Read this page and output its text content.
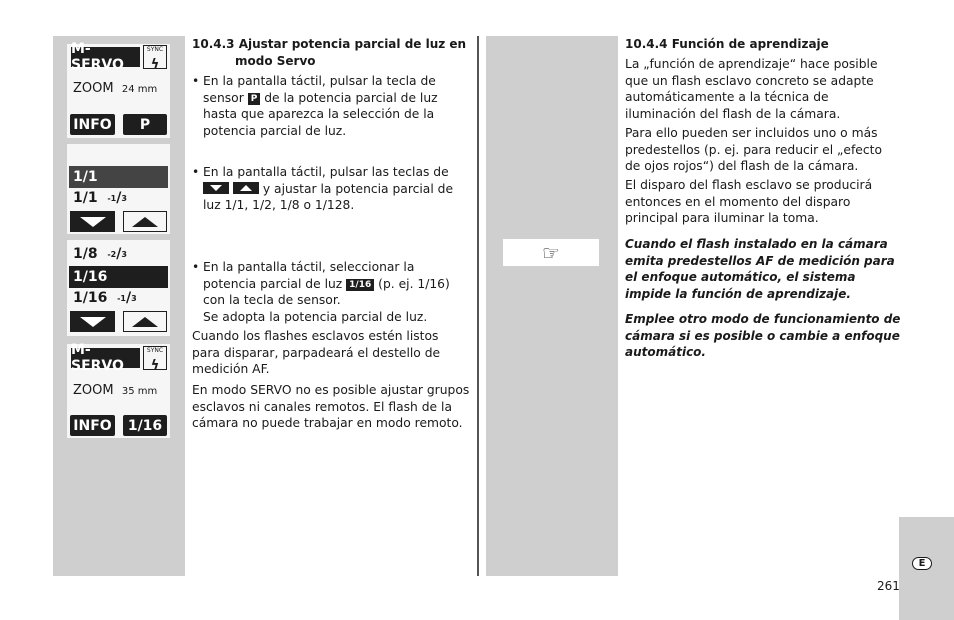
M-SERVO
SYNC
ϟ
ZOOM 24 mm
INFO P
1/1
1/1
-1 / 3
1/8
-2 / 3
1/16
1/16
-1 / 3
M-SERVO
SYNC
ϟ
ZOOM 35 mm
INFO 1/16
10.4.3 Ajustar potencia parcial de luz en
modo Servo
• En la pantalla táctil, pulsar la tecla de sensor P de la potencia parcial de luz hasta que aparezca la selección de la potencia parcial de luz.
• En la pantalla táctil, pulsar las teclas de

y ajustar la potencia parcial de luz 1/1, 1/2, 1/8 o 1/128.
• En la pantalla táctil, seleccionar la potencia parcial de luz 1/16 (p. ej. 1/16) con la tecla de sensor.
Se adopta la potencia parcial de luz.

Cuando los flashes esclavos estén listos para disparar, parpadeará el destello de medición AF.

En modo SERVO no es posible ajustar grupos esclavos ni canales remotos. El flash de la cámara no puede trabajar en modo remoto.

☞
10.4.4 Función de aprendizaje

La „función de aprendizaje“ hace posible que un flash esclavo concreto se adapte automáticamente a la técnica de iluminación del flash de la cámara.

Para ello pueden ser incluidos uno o más predestellos (p. ej. para reducir el „efecto de ojos rojos“) del flash de la cámara.

El disparo del flash esclavo se producirá entonces en el momento del disparo principal para iluminar la toma.

Cuando el flash instalado en la cámara emita predestellos AF de medición para el enfoque automático, el sistema impide la función de aprendizaje.
Emplee otro modo de funcionamiento de cámara si es posible o cambie a enfoque automático.
E
261
